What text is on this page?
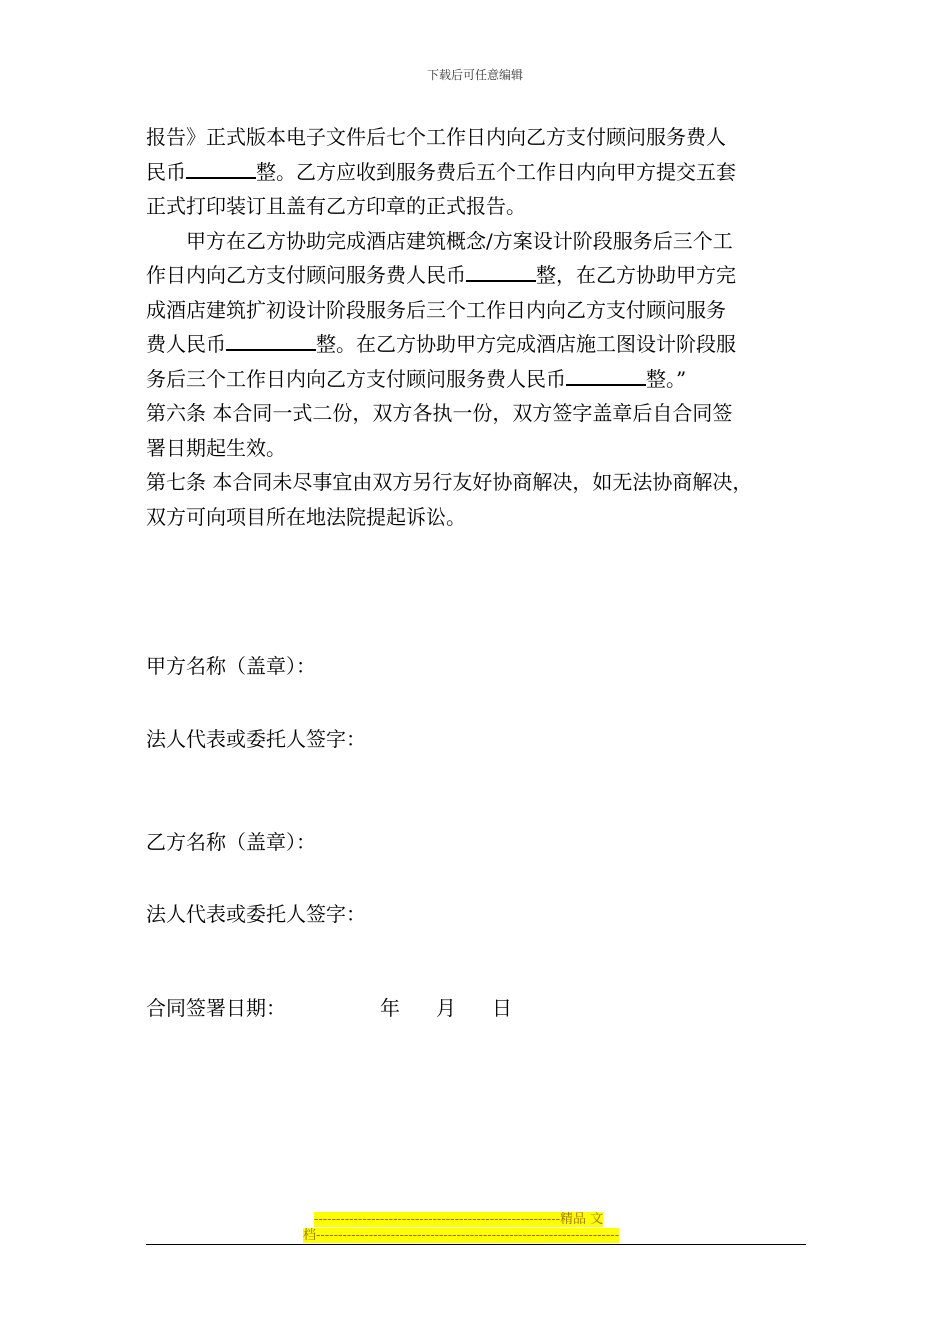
下载后可任意编辑
报告》正式版本电子文件后七个工作日内向乙方支付顾问服务费人
民币	整。乙方应收到服务费后五个工作日内向甲方提交五套
正式打印装订且盖有乙方印章的正式报告。
甲方在乙方协助完成酒店建筑概念/方案设计阶段服务后三个工
作日内向乙方支付顾问服务费人民币	整，在乙方协助甲方完
成酒店建筑扩初设计阶段服务后三个工作日内向乙方支付顾问服务
费人民币	整。在乙方协助甲方完成酒店施工图设计阶段服
务后三个工作日内向乙方支付顾问服务费人民币	整。”
第六条 本合同一式二份，双方各执一份，双方签字盖章后自合同签
署日期起生效。
第七条 本合同未尽事宜由双方另行友好协商解决，如无法协商解决，
双方可向项目所在地法院提起诉讼。
甲方名称（盖章）：
法人代表或委托人签字：
乙方名称（盖章）：
法人代表或委托人签字：
合同签署日期：	年 月 日
--------------------------------------------------------精品 文
档---------------------------------------------------------------------
